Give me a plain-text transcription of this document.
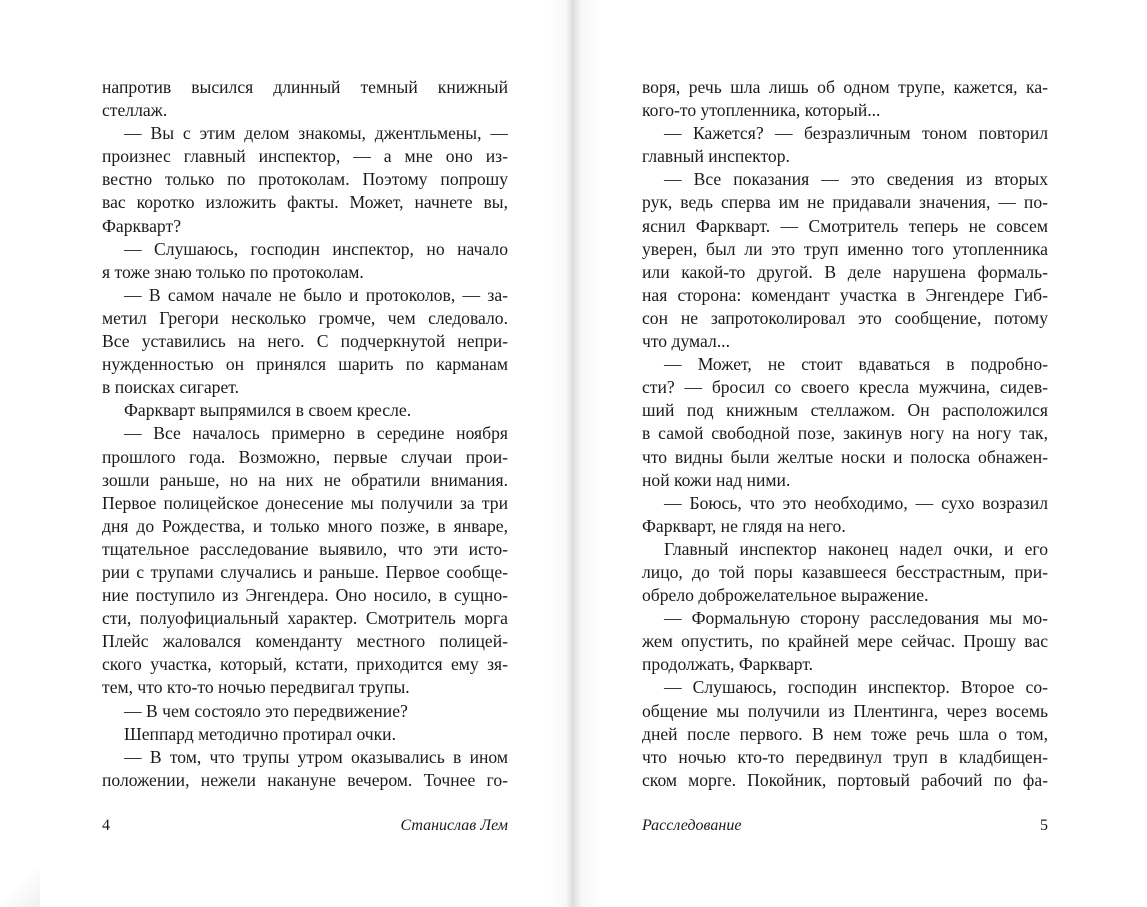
напротив высился длинный темный книжный
стеллаж.
— Вы с этим делом знакомы, джентльмены, —
произнес главный инспектор, — а мне оно из-
вестно только по протоколам. Поэтому попрошу
вас коротко изложить факты. Может, начнете вы,
Фаркварт?
— Слушаюсь, господин инспектор, но начало
я тоже знаю только по протоколам.
— В самом начале не было и протоколов, — за-
метил Грегори несколько громче, чем следовало.
Все уставились на него. С подчеркнутой непри-
нужденностью он принялся шарить по карманам
в поисках сигарет.
Фаркварт выпрямился в своем кресле.
— Все началось примерно в середине ноября
прошлого года. Возможно, первые случаи прои-
зошли раньше, но на них не обратили внимания.
Первое полицейское донесение мы получили за три
дня до Рождества, и только много позже, в январе,
тщательное расследование выявило, что эти исто-
рии с трупами случались и раньше. Первое сообще-
ние поступило из Энгендера. Оно носило, в сущно-
сти, полуофициальный характер. Смотритель морга
Плейс жаловался коменданту местного полицей-
ского участка, который, кстати, приходится ему зя-
тем, что кто-то ночью передвигал трупы.
— В чем состояло это передвижение?
Шеппард методично протирал очки.
— В том, что трупы утром оказывались в ином
положении, нежели накануне вечером. Точнее го-
4	Станислав Лем
воря, речь шла лишь об одном трупе, кажется, ка-
кого-то утопленника, который...
— Кажется? — безразличным тоном повторил
главный инспектор.
— Все показания — это сведения из вторых
рук, ведь сперва им не придавали значения, — по-
яснил Фаркварт. — Смотритель теперь не совсем
уверен, был ли это труп именно того утопленника
или какой-то другой. В деле нарушена формаль-
ная сторона: комендант участка в Энгендере Гиб-
сон не запротоколировал это сообщение, потому
что думал...
— Может, не стоит вдаваться в подробно-
сти? — бросил со своего кресла мужчина, сидев-
ший под книжным стеллажом. Он расположился
в самой свободной позе, закинув ногу на ногу так,
что видны были желтые носки и полоска обнажен-
ной кожи над ними.
— Боюсь, что это необходимо, — сухо возразил
Фаркварт, не глядя на него.
Главный инспектор наконец надел очки, и его
лицо, до той поры казавшееся бесстрастным, при-
обрело доброжелательное выражение.
— Формальную сторону расследования мы мо-
жем опустить, по крайней мере сейчас. Прошу вас
продолжать, Фаркварт.
— Слушаюсь, господин инспектор. Второе со-
общение мы получили из Плентинга, через восемь
дней после первого. В нем тоже речь шла о том,
что ночью кто-то передвинул труп в кладбищен-
ском морге. Покойник, портовый рабочий по фа-
Расследование	5
